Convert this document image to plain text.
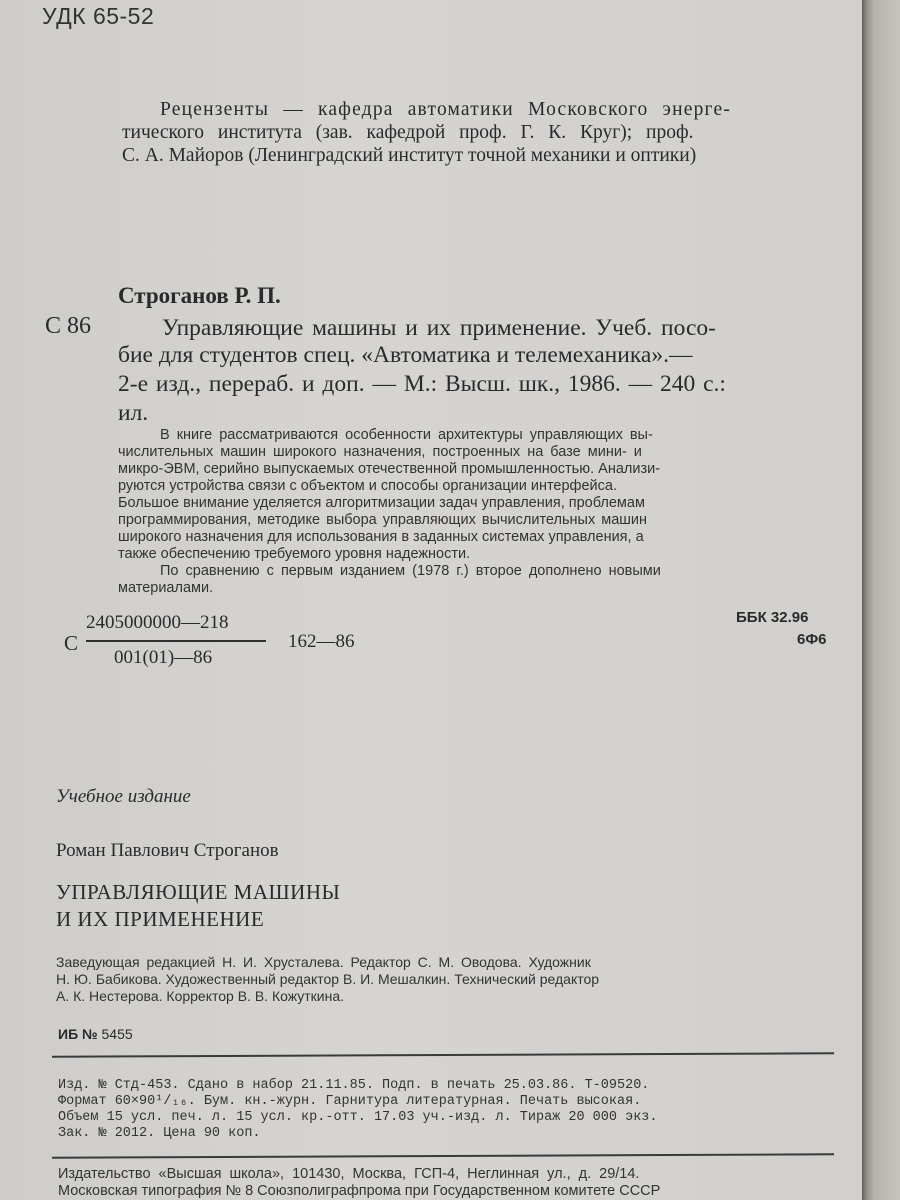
УДК 65-52
Рецензенты — кафедра автоматики Московского энерге-
тического института (зав. кафедрой проф. Г. К. Круг); проф.
С. А. Майоров (Ленинградский институт точной механики и оптики)
Строганов Р. П.
С 86	Управляющие машины и их применение. Учеб. посо-
бие для студентов спец. «Автоматика и телемеханика».—
2-е изд., перераб. и доп. — М.: Высш. шк., 1986. — 240 с.:
ил.
В книге рассматриваются особенности архитектуры управляющих вы-
числительных машин широкого назначения, построенных на базе мини- и
микро-ЭВМ, серийно выпускаемых отечественной промышленностью. Анализи-
руются устройства связи с объектом и способы организации интерфейса.
Большое внимание уделяется алгоритмизации задач управления, проблемам
программирования, методике выбора управляющих вычислительных машин
широкого назначения для использования в заданных системах управления, а
также обеспечению требуемого уровня надежности.
По сравнению с первым изданием (1978 г.) второе дополнено новыми
материалами.
С
2405000000—218
001(01)—86
162—86
ББК 32.96
6Ф6
Учебное издание
Роман Павлович Строганов
УПРАВЛЯЮЩИЕ МАШИНЫ
И ИХ ПРИМЕНЕНИЕ
Заведующая редакцией Н. И. Хрусталева. Редактор С. М. Оводова. Художник
Н. Ю. Бабикова. Художественный редактор В. И. Мешалкин. Технический редактор
А. К. Нестерова. Корректор В. В. Кожуткина.
ИБ № 5455
Изд. № Стд-453. Сдано в набор 21.11.85. Подп. в печать 25.03.86. Т-09520.
Формат 60×90¹/₁₆. Бум. кн.-журн. Гарнитура литературная. Печать высокая.
Объем 15 усл. печ. л. 15 усл. кр.-отт. 17.03 уч.-изд. л. Тираж 20 000 экз.
Зак. № 2012. Цена 90 коп.
Издательство «Высшая школа», 101430, Москва, ГСП-4, Неглинная ул., д. 29/14.
Московская типография № 8 Союзполиграфпрома при Государственном комитете СССР
